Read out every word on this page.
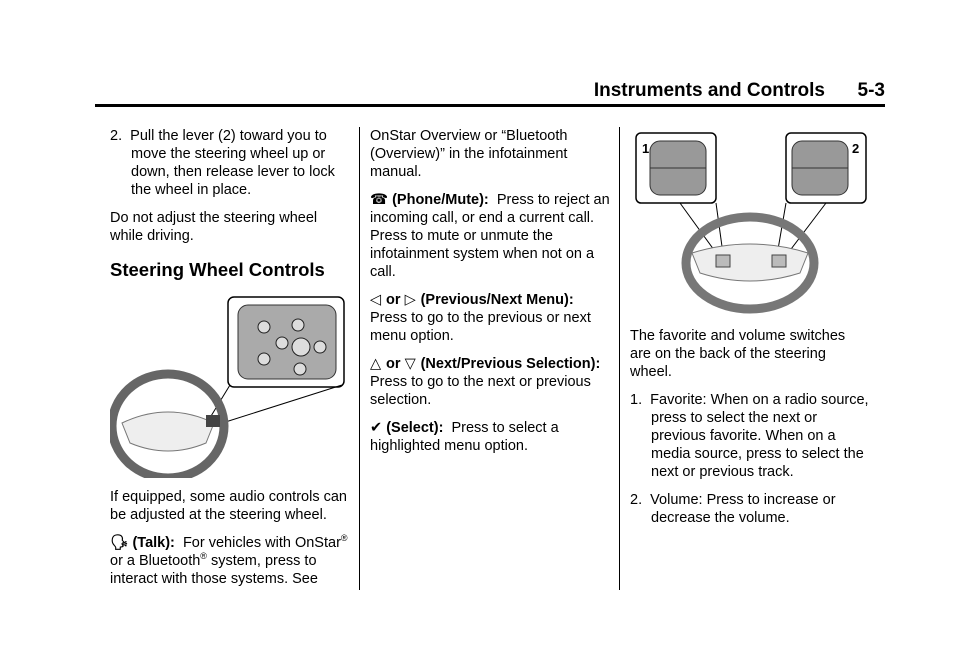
Instruments and Controls 5-3
2. Pull the lever (2) toward you to move the steering wheel up or down, then release lever to lock the wheel in place.
Do not adjust the steering wheel while driving.
Steering Wheel Controls
If equipped, some audio controls can be adjusted at the steering wheel.
🗣 (Talk): For vehicles with OnStar® or a Bluetooth® system, press to interact with those systems. See
OnStar Overview or “Bluetooth (Overview)” in the infotainment manual.
☎ (Phone/Mute): Press to reject an incoming call, or end a current call. Press to mute or unmute the infotainment system when not on a call.
◁ or ▷ (Previous/Next Menu):
Press to go to the previous or next menu option.
△ or ▽ (Next/Previous Selection):  Press to go to the next or previous selection.
✔ (Select): Press to select a highlighted menu option.
1	2
The favorite and volume switches are on the back of the steering wheel.
1. Favorite: When on a radio source, press to select the next or previous favorite. When on a media source, press to select the next or previous track.
2. Volume: Press to increase or decrease the volume.
